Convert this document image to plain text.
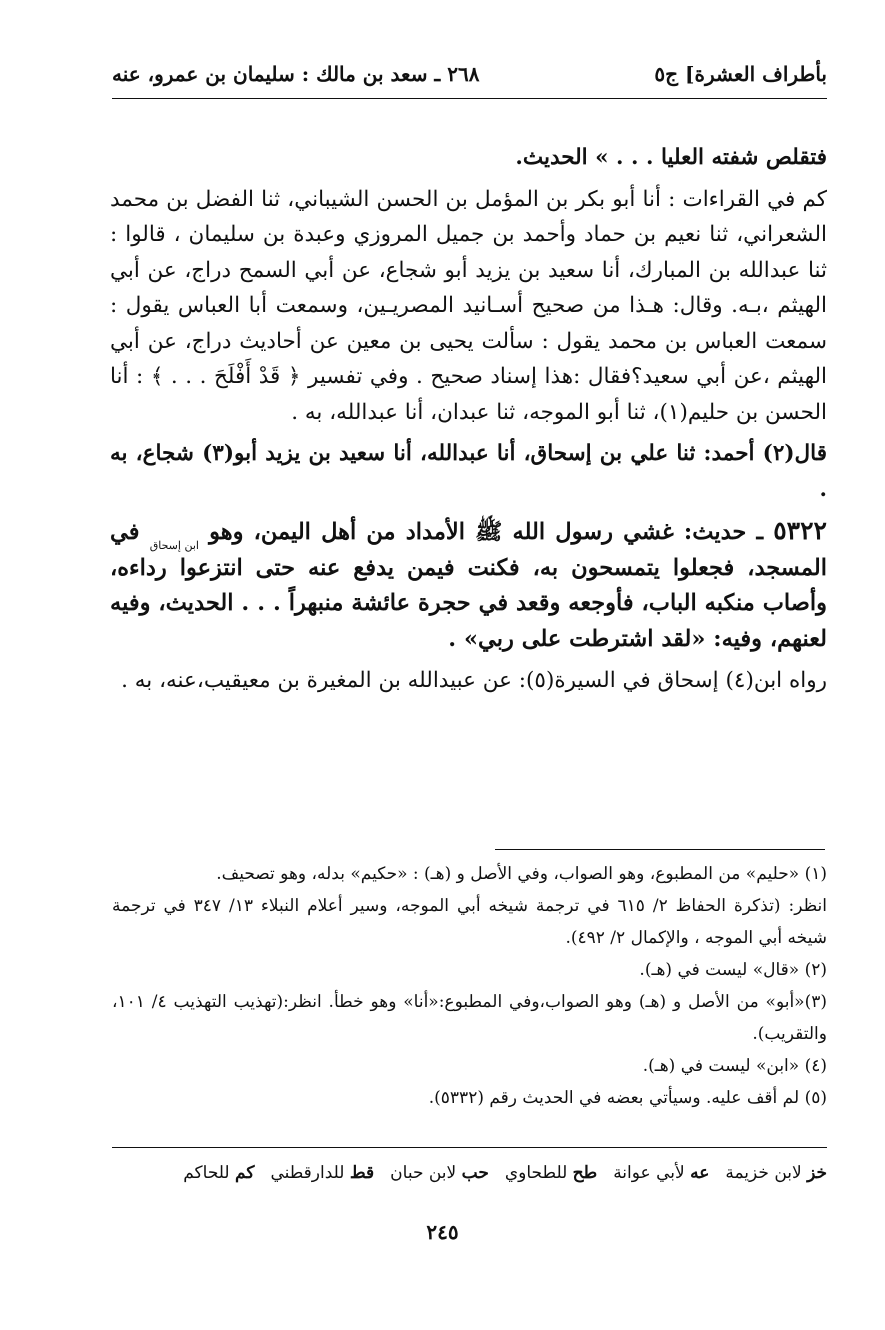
بأطراف العشرة] ج٥
٢٦٨ ـ سعد بن مالك : سليمان بن عمرو، عنه

فتقلص شفته العليا . . . » الحديث.

كم في القراءات : أنا أبو بكر بن المؤمل بن الحسن الشيباني، ثنا الفضل بن محمد الشعراني، ثنا نعيم بن حماد وأحمد بن جميل المروزي وعبدة بن سليمان ، قالوا : ثنا عبدالله بن المبارك، أنا سعيد بن يزيد أبو شجاع، عن أبي السمح دراج، عن أبي الهيثم ،بـه. وقال: هـذا من صحيح أسـانيد المصريـين، وسمعت أبا العباس يقول : سمعت العباس بن محمد يقول : سألت يحيى بن معين عن أحاديث دراج، عن أبي الهيثم ،عن أبي سعيد؟فقال :هذا إسناد صحيح . وفي تفسير ﴿ قَدْ أَفْلَحَ . . . ﴾ : أنا الحسن بن حليم(١)، ثنا أبو الموجه، ثنا عبدان، أنا عبدالله، به .

قال(٢) أحمد: ثنا علي بن إسحاق، أنا عبدالله، أنا سعيد بن يزيد أبو(٣) شجاع، به .

٥٣٢٢ ـ حديث: غشي رسول الله ﷺ الأمداد من أهل اليمن، وهو ابن إسحاق في المسجد، فجعلوا يتمسحون به، فكنت فيمن يدفع عنه حتى انتزعوا رداءه، وأصاب منكبه الباب، فأوجعه وقعد في حجرة عائشة منبهراً . . . الحديث، وفيه لعنهم، وفيه: «لقد اشترطت على ربي» .

رواه ابن(٤) إسحاق في السيرة(٥): عن عبيدالله بن المغيرة بن معيقيب،عنه، به .

(١) «حليم» من المطبوع، وهو الصواب، وفي الأصل و (هـ) : «حكيم» بدله، وهو تصحيف.
انظر: (تذكرة الحفاظ ٢/ ٦١٥ في ترجمة شيخه أبي الموجه، وسير أعلام النبلاء ١٣/ ٣٤٧ في ترجمة شيخه أبي الموجه ، والإكمال ٢/ ٤٩٢).
(٢) «قال» ليست في (هـ).
(٣)«أبو» من الأصل و (هـ) وهو الصواب،وفي المطبوع:«أنا» وهو خطأ. انظر:(تهذيب التهذيب ٤/ ١٠١، والتقريب).
(٤) «ابن» ليست في (هـ).
(٥) لم أقف عليه. وسيأتي بعضه في الحديث رقم (٥٣٣٢).
خز لابن خزيمة
عه لأبي عوانة
طح للطحاوي
حب لابن حبان
قط للدارقطني
كم للحاكم
٢٤٥
